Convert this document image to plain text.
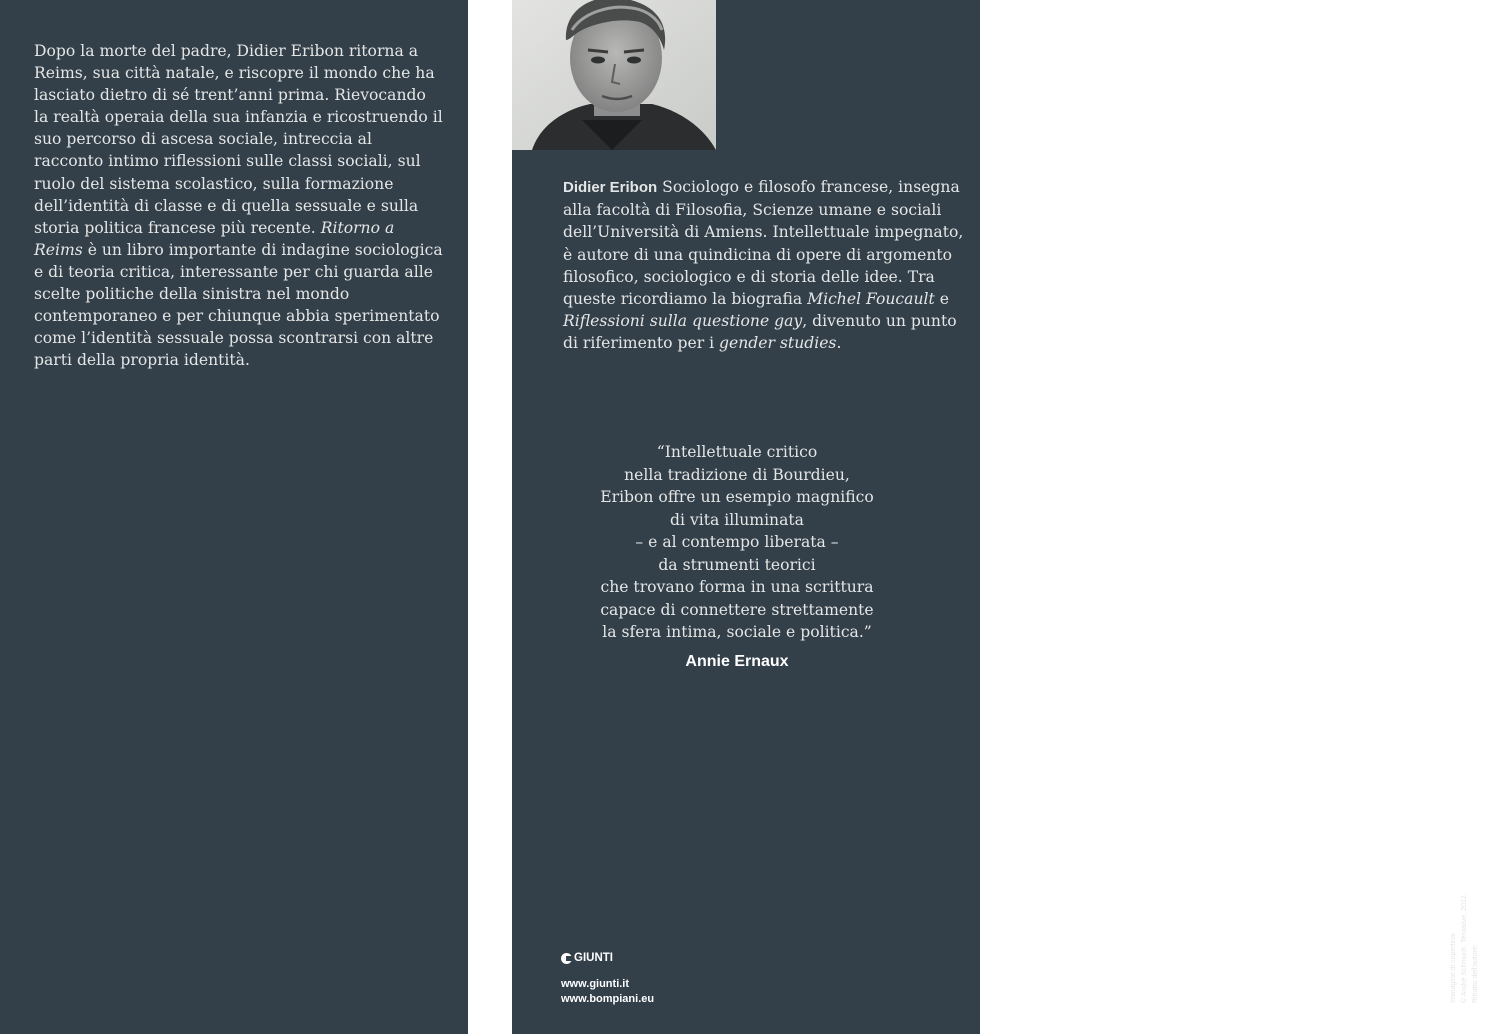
Dopo la morte del padre, Didier Eribon ritorna a Reims, sua città natale, e riscopre il mondo che ha lasciato dietro di sé trent’anni prima. Rievocando la realtà operaia della sua infanzia e ricostruendo il suo percorso di ascesa sociale, intreccia al racconto intimo riflessioni sulle classi sociali, sul ruolo del sistema scolastico, sulla formazione dell’identità di classe e di quella sessuale e sulla storia politica francese più recente. Ritorno a Reims è un libro importante di indagine sociologica e di teoria critica, interessante per chi guarda alle scelte politiche della sinistra nel mondo contemporaneo e per chiunque abbia sperimentato come l’identità sessuale possa scontrarsi con altre parti della propria identità.

Didier Eribon Sociologo e filosofo francese, insegna alla facoltà di Filosofia, Scienze umane e sociali dell’Università di Amiens. Intellettuale impegnato, è autore di una quindicina di opere di argomento filosofico, sociologico e di storia delle idee. Tra queste ricordiamo la biografia Michel Foucault e Riflessioni sulla questione gay, divenuto un punto di riferimento per i gender studies.

“Intellettuale critico
nella tradizione di Bourdieu,
Eribon offre un esempio magnifico
di vita illuminata
– e al contempo liberata –
da strumenti teorici
che trovano forma in una scrittura
capace di connettere strettamente
la sfera intima, sociale e politica.”
Annie Ernaux
GIUNTI
www.giunti.it
www.bompiani.eu	Immagine di copertina: © André Schmuch, Tentative, 2012. Ritratto dell’autore:
